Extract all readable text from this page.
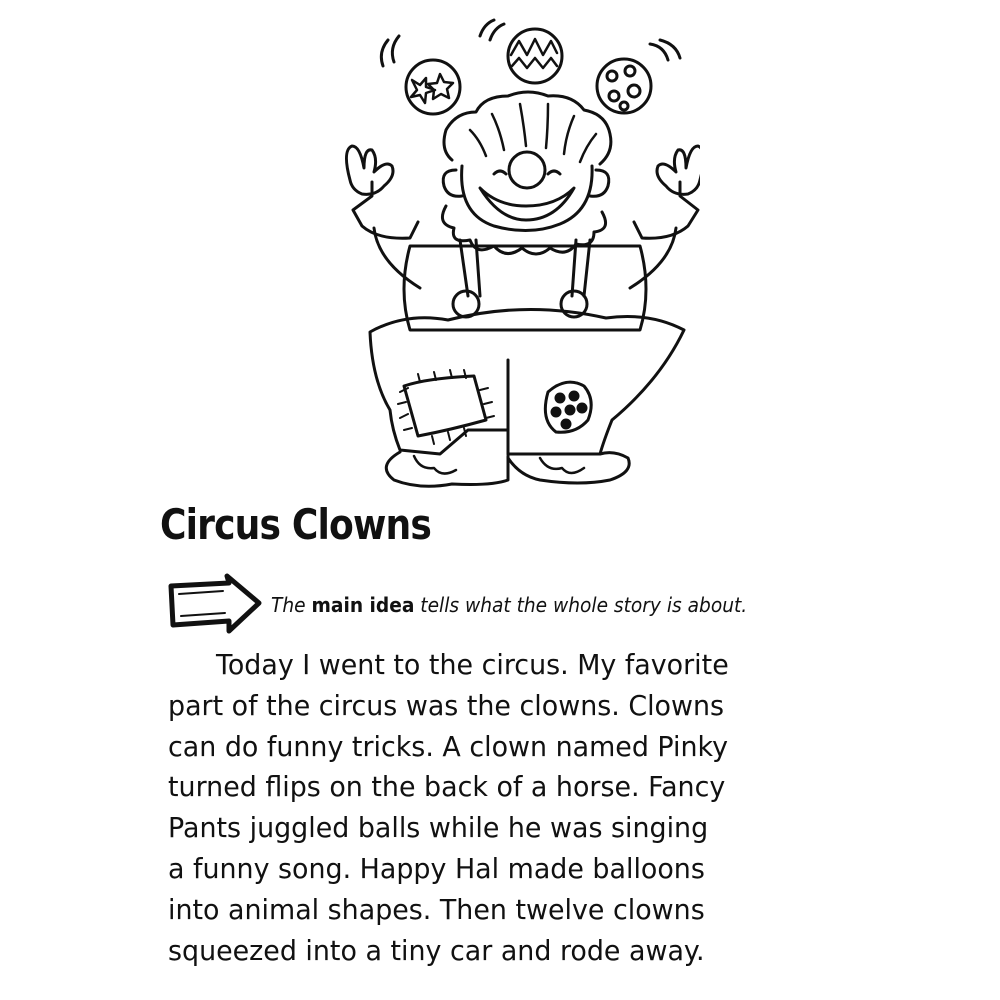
Circus Clowns
The main idea tells what the whole story is about.
Today I went to the circus. My favorite
part of the circus was the clowns. Clowns
can do funny tricks. A clown named Pinky
turned flips on the back of a horse. Fancy
Pants juggled balls while he was singing
a funny song. Happy Hal made balloons
into animal shapes. Then twelve clowns
squeezed into a tiny car and rode away.
